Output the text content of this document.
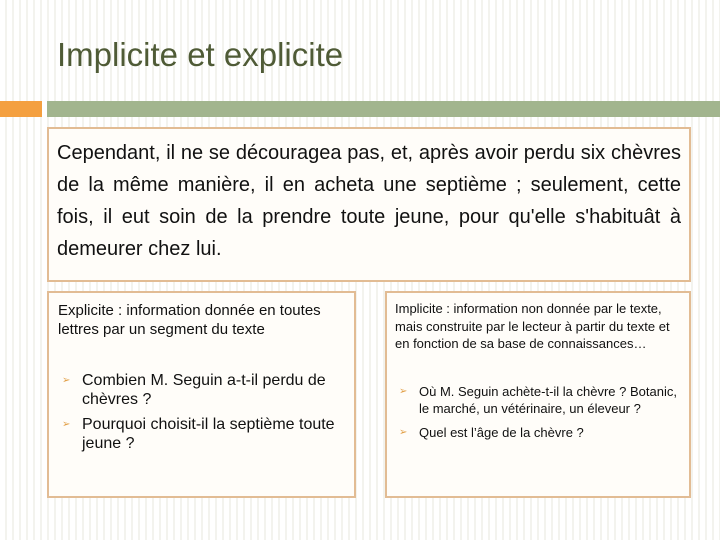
Implicite et explicite
Cependant, il ne se découragea pas, et, après avoir perdu six chèvres de la même manière, il en acheta une septième ; seulement, cette fois, il eut soin de la prendre toute jeune, pour qu'elle s'habituât à demeurer chez lui.
Explicite : information donnée en toutes lettres par un segment du texte
➢ Combien M. Seguin a-t-il perdu de chèvres ?
➢ Pourquoi choisit-il la septième toute jeune ?
Implicite : information non donnée par le texte, mais construite par le lecteur à partir du texte et en fonction de sa base de connaissances…
➢ Où M. Seguin achète-t-il la chèvre ? Botanic, le marché, un vétérinaire, un éleveur ?
➢ Quel est l’âge de la chèvre ?
